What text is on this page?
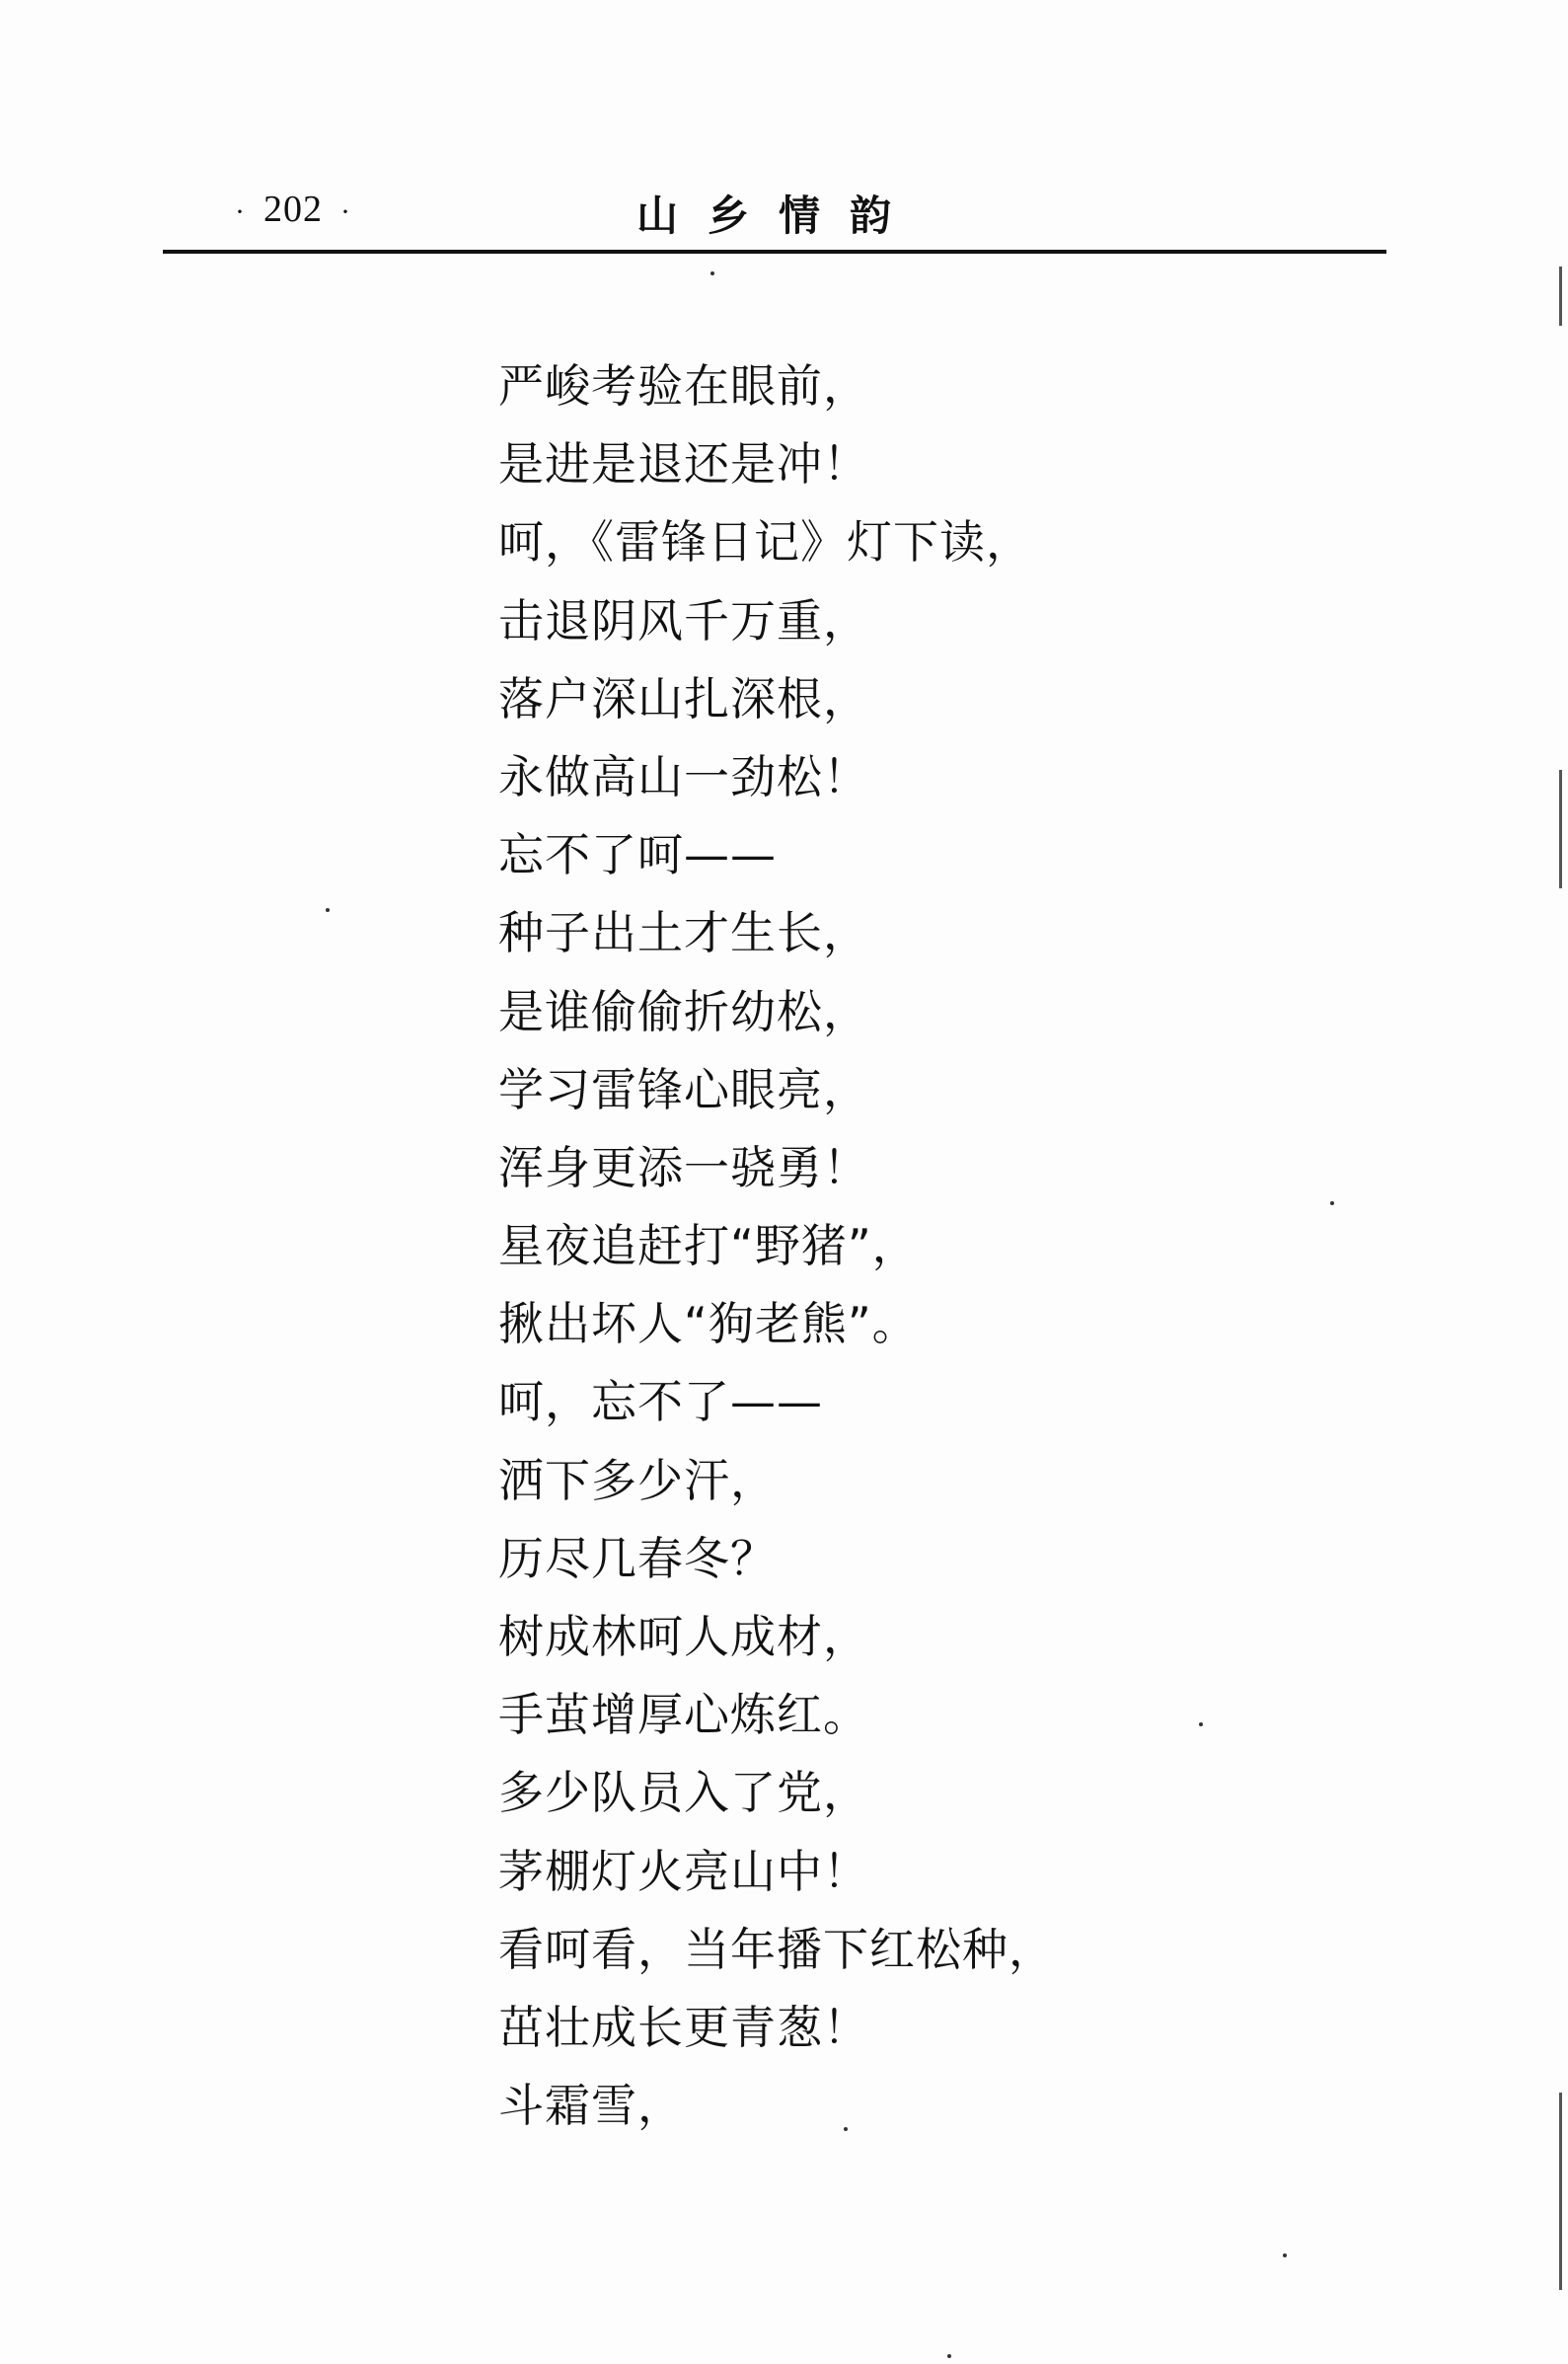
· 202 ·	山乡情韵
严峻考验在眼前，
是进是退还是冲！
呵，《雷锋日记》灯下读，
击退阴风千万重，
落户深山扎深根，
永做高山一劲松！
忘不了呵——
种子出土才生长，
是谁偷偷折幼松，
学习雷锋心眼亮，
浑身更添一骁勇！
星夜追赶打“野猪”，
揪出坏人“狗老熊”。
呵，忘不了——
洒下多少汗，
历尽几春冬？
树成林呵人成材，
手茧增厚心炼红。
多少队员入了党，
茅棚灯火亮山中！
看呵看，当年播下红松种，
茁壮成长更青葱！
斗霜雪，
